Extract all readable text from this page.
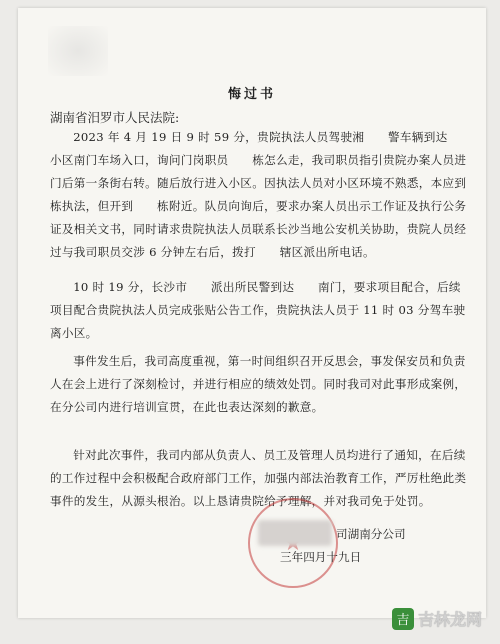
悔过书
湖南省汨罗市人民法院:
2023 年 4 月 19 日 9 时 59 分，贵院执法人员驾驶湘　　警车辆到达　　小区南门车场入口，询问门岗职员　　栋怎么走，我司职员指引贵院办案人员进门后第一条街右转。随后放行进入小区。因执法人员对小区环境不熟悉，本应到　　栋执法，但开到　　栋附近。队员向询后，要求办案人员出示工作证及执行公务证及相关文书，同时请求贵院执法人员联系长沙当地公安机关协助，贵院人员经过与我司职员交涉 6 分钟左右后，拨打　　辖区派出所电话。
10 时 19 分，长沙市　　派出所民警到达　　南门，要求项目配合，后续项目配合贵院执法人员完成张贴公告工作，贵院执法人员于 11 时 03 分驾车驶离小区。
事件发生后，我司高度重视，第一时间组织召开反思会，事发保安员和负责人在会上进行了深刻检讨，并进行相应的绩效处罚。同时我司对此事形成案例，在分公司内进行培训宣贯，在此也表达深刻的歉意。
针对此次事件，我司内部从负责人、员工及管理人员均进行了通知，在后续的工作过程中会积极配合政府部门工作，加强内部法治教育工作，严厉杜绝此类事件的发生，从源头根治。以上恳请贵院给予理解，并对我司免于处罚。
司湖南分公司
三年四月十九日
吉 吉林龙网
